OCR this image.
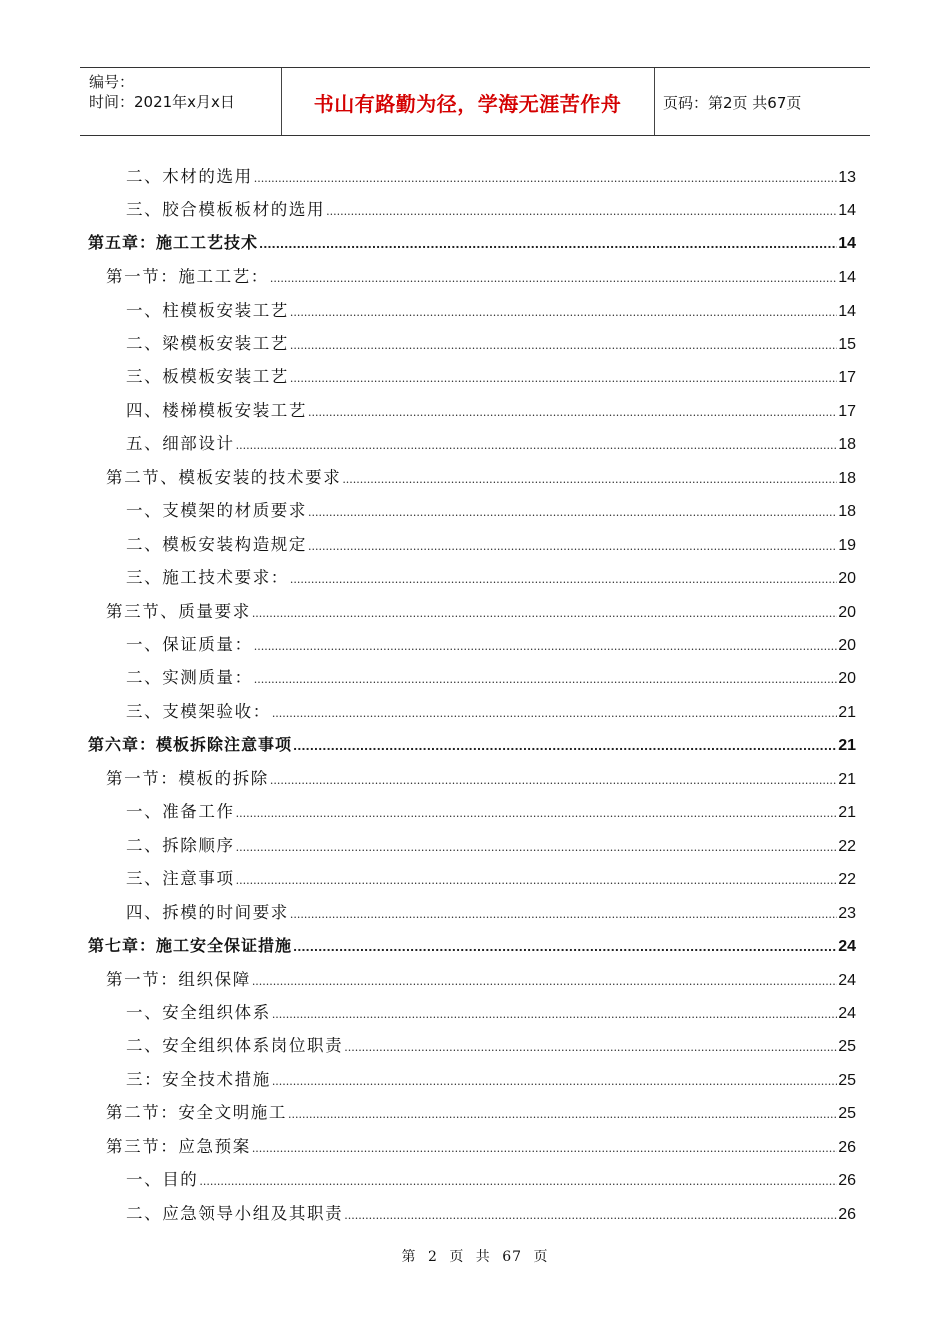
编号：
时间：2021年x月x日	书山有路勤为径，学海无涯苦作舟	页码：第2页 共67页
二、木材的选用 .....	13
三、胶合模板板材的选用 .....	14
第五章：施工工艺技术 .....	14
第一节：施工工艺： .....	14
一、柱模板安装工艺 .....	14
二、梁模板安装工艺 .....	15
三、板模板安装工艺 .....	17
四、楼梯模板安装工艺 .....	17
五、细部设计 .....	18
第二节、模板安装的技术要求 .....	18
一、支模架的材质要求 .....	18
二、模板安装构造规定 .....	19
三、施工技术要求： .....	20
第三节、质量要求 .....	20
一、保证质量： .....	20
二、实测质量： .....	20
三、支模架验收： .....	21
第六章：模板拆除注意事项 .....	21
第一节：模板的拆除 .....	21
一、准备工作 .....	21
二、拆除顺序 .....	22
三、注意事项 .....	22
四、拆模的时间要求 .....	23
第七章：施工安全保证措施 .....	24
第一节：组织保障 .....	24
一、安全组织体系 .....	24
二、安全组织体系岗位职责 .....	25
三：安全技术措施 .....	25
第二节：安全文明施工 .....	25
第三节：应急预案 .....	26
一、目的 .....	26
二、应急领导小组及其职责 .....	26
第 2 页 共 67 页
